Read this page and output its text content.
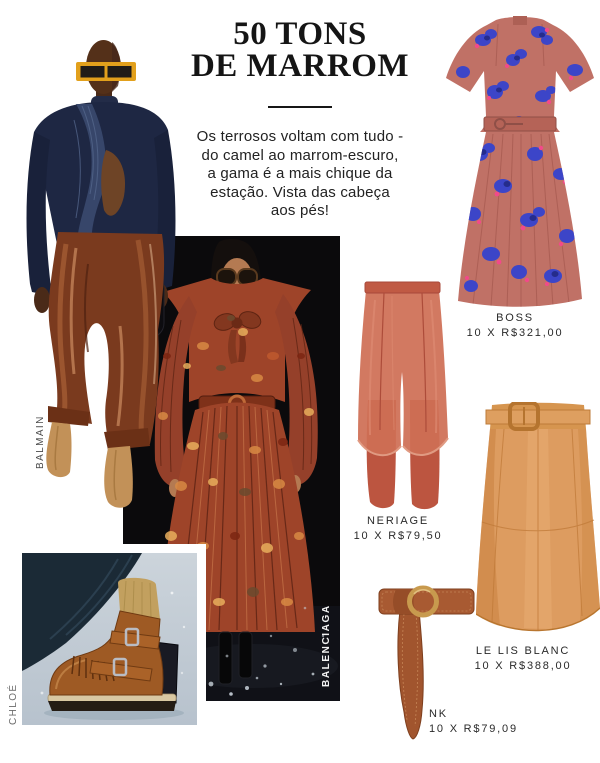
50 TONS
DE MARROM
Os terrosos voltam com tudo -
do camel ao marrom-escuro,
a gama é a mais chique da
estação. Vista das cabeça
aos pés!
BOSS
10 X R$321,00
NERIAGE
10 X R$79,50
LE LIS BLANC
10 X R$388,00
NK
10 X R$79,09
BALMAIN
BALENCIAGA
CHLOÉ
